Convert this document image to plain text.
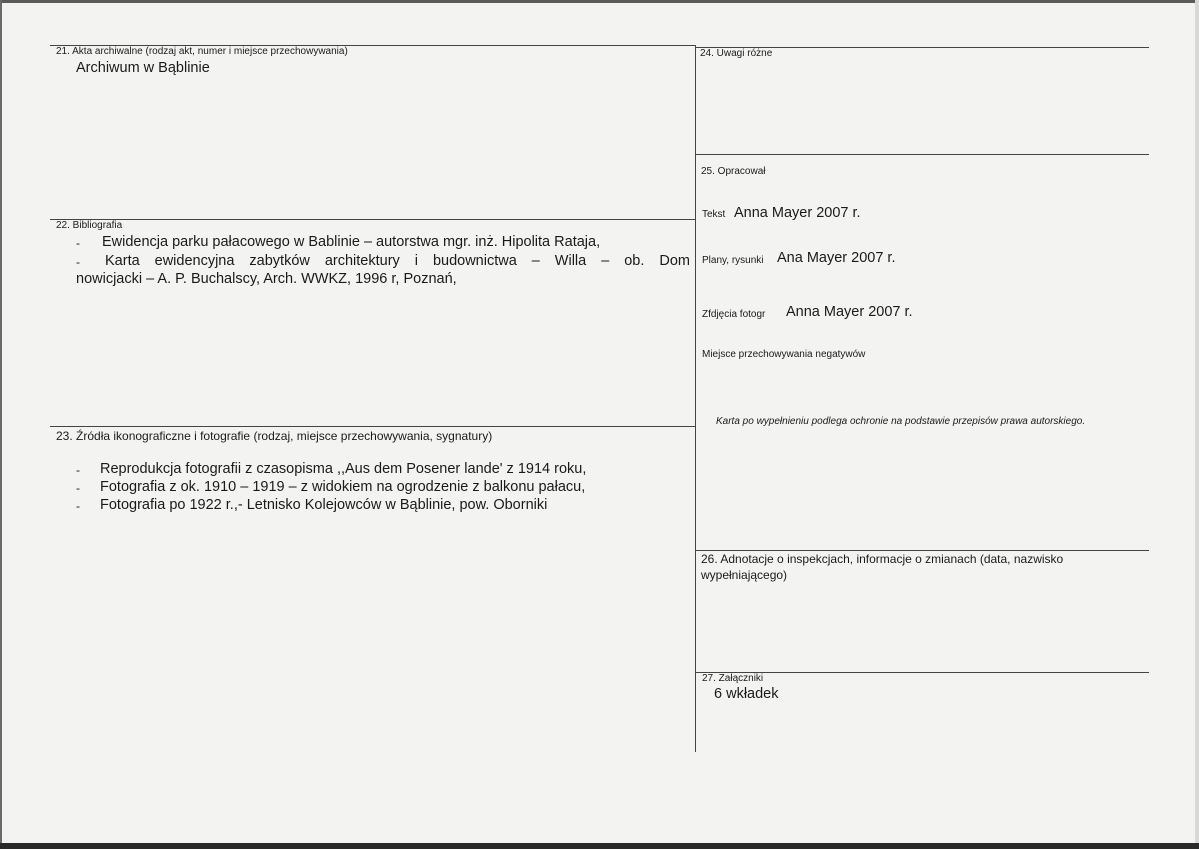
21. Akta archiwalne (rodzaj akt, numer i miejsce przechowywania)
Archiwum w Bąblinie
22. Bibliografia
- Ewidencja parku pałacowego w Bablinie – autorstwa mgr. inż. Hipolita Rataja,
- Karta ewidencyjna zabytków architektury i budownictwa – Willa – ob. Dom
nowicjacki – A. P. Buchalscy, Arch. WWKZ, 1996 r, Poznań,
23. Źródła ikonograficzne i fotografie (rodzaj, miejsce przechowywania, sygnatury)
- Reprodukcja fotografii z czasopisma ,,Aus dem Posener lande' z 1914 roku,
- Fotografia z ok. 1910 – 1919 – z widokiem na ogrodzenie z balkonu pałacu,
- Fotografia po 1922 r.,- Letnisko Kolejowców w Bąblinie, pow. Oborniki
24. Uwagi różne
25. Opracował
Tekst Anna Mayer 2007 r.
Plany, rysunki Ana Mayer 2007 r.
Zfdjęcia fotogr Anna Mayer 2007 r.
Miejsce przechowywania negatywów
Karta po wypełnieniu podlega ochronie na podstawie przepisów prawa autorskiego.
26. Adnotacje o inspekcjach, informacje o zmianach (data, nazwisko
wypełniającego)
27. Załączniki
6 wkładek
